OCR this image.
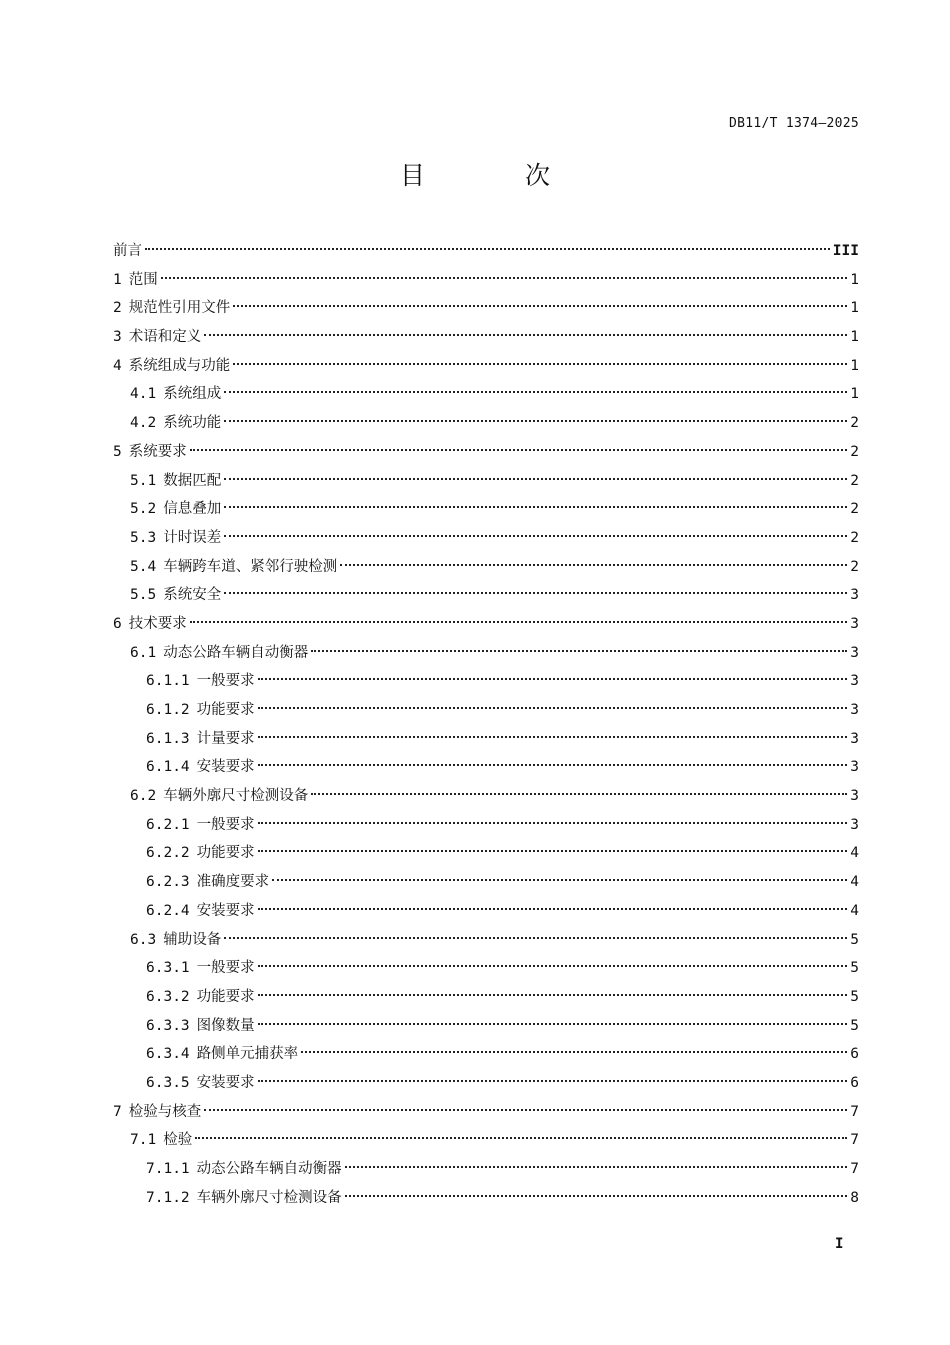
DB11/T 1374—2025
目 次
前言	III
1 范围	1
2 规范性引用文件	1
3 术语和定义	1
4 系统组成与功能	1
4.1 系统组成	1
4.2 系统功能	2
5 系统要求	2
5.1 数据匹配	2
5.2 信息叠加	2
5.3 计时误差	2
5.4 车辆跨车道、紧邻行驶检测	2
5.5 系统安全	3
6 技术要求	3
6.1 动态公路车辆自动衡器	3
6.1.1 一般要求	3
6.1.2 功能要求	3
6.1.3 计量要求	3
6.1.4 安装要求	3
6.2 车辆外廓尺寸检测设备	3
6.2.1 一般要求	3
6.2.2 功能要求	4
6.2.3 准确度要求	4
6.2.4 安装要求	4
6.3 辅助设备	5
6.3.1 一般要求	5
6.3.2 功能要求	5
6.3.3 图像数量	5
6.3.4 路侧单元捕获率	6
6.3.5 安装要求	6
7 检验与核查	7
7.1 检验	7
7.1.1 动态公路车辆自动衡器	7
7.1.2 车辆外廓尺寸检测设备	8
I
